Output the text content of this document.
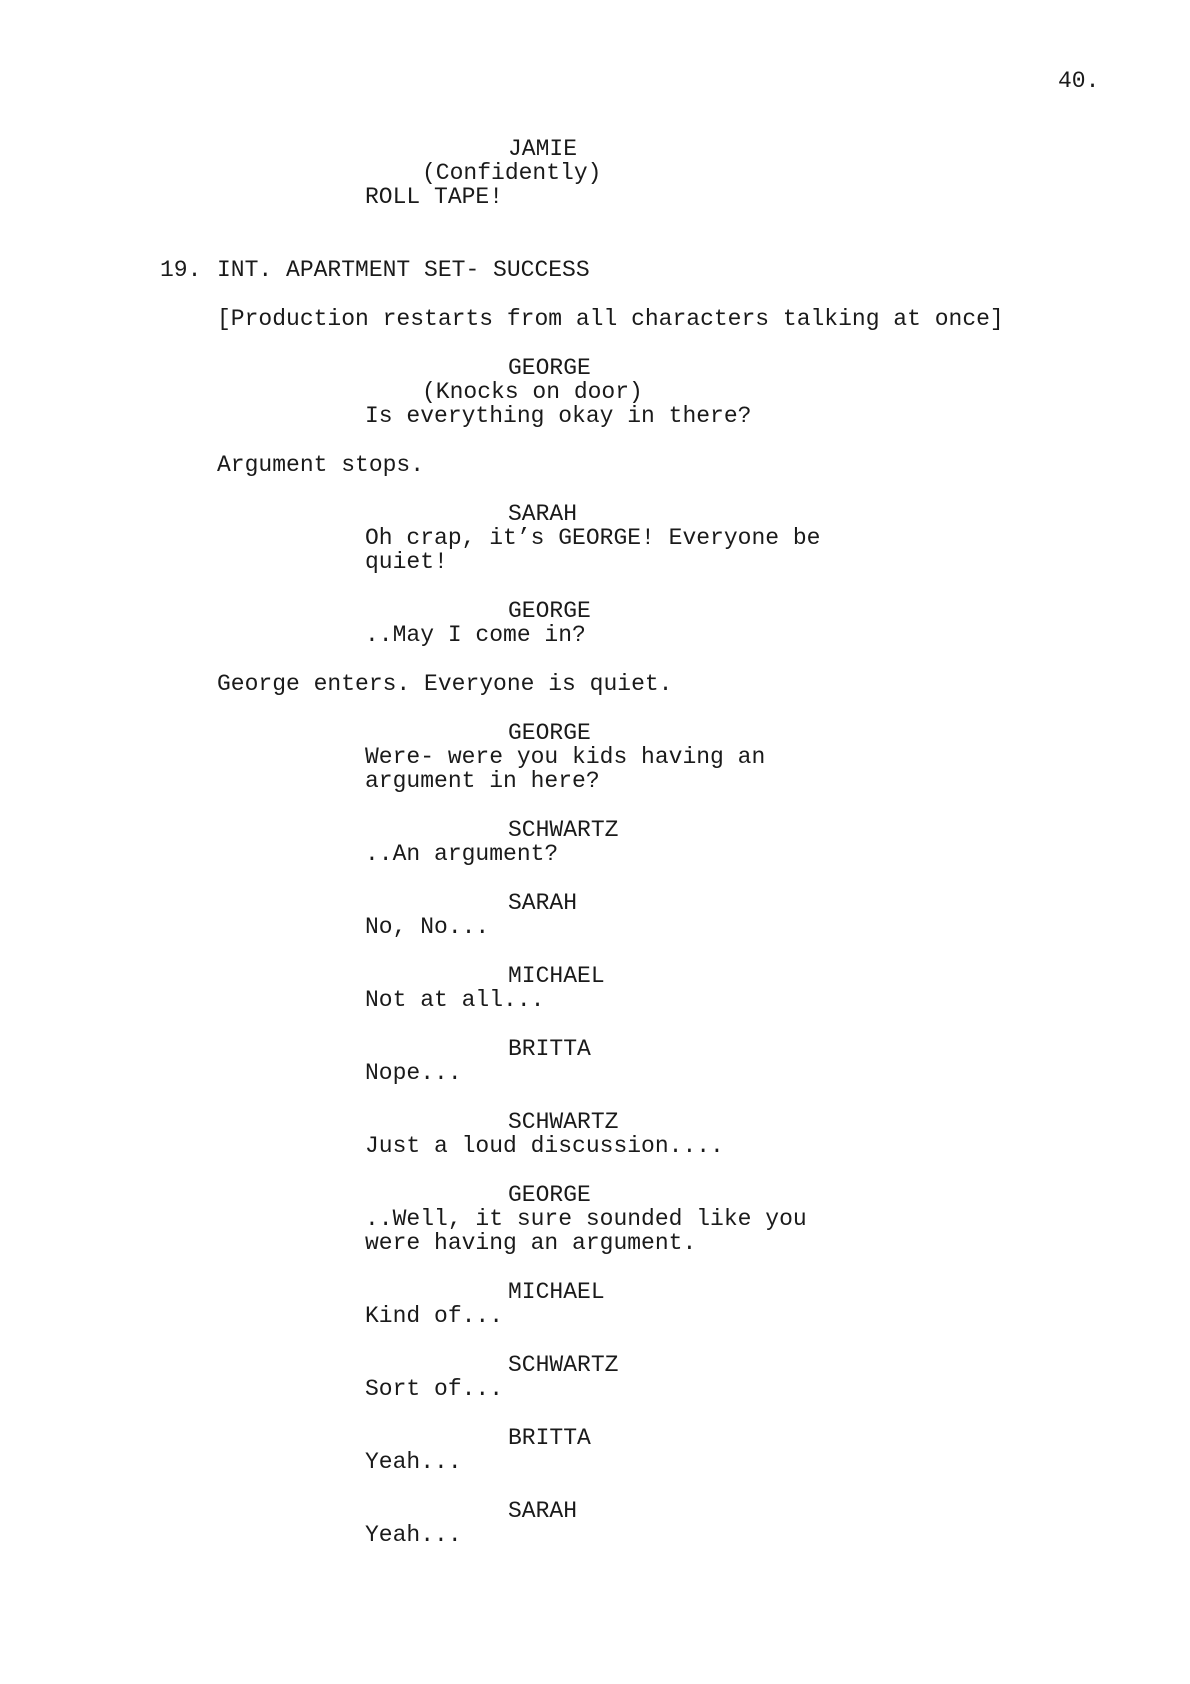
40.
JAMIE
(Confidently)
ROLL TAPE!
19. INT. APARTMENT SET- SUCCESS
[Production restarts from all characters talking at once]
GEORGE
(Knocks on door)
Is everything okay in there?
Argument stops.
SARAH
Oh crap, it’s GEORGE! Everyone be
quiet!
GEORGE
..May I come in?
George enters. Everyone is quiet.
GEORGE
Were- were you kids having an
argument in here?
SCHWARTZ
..An argument?
SARAH
No, No...
MICHAEL
Not at all...
BRITTA
Nope...
SCHWARTZ
Just a loud discussion....
GEORGE
..Well, it sure sounded like you
were having an argument.
MICHAEL
Kind of...
SCHWARTZ
Sort of...
BRITTA
Yeah...
SARAH
Yeah...
